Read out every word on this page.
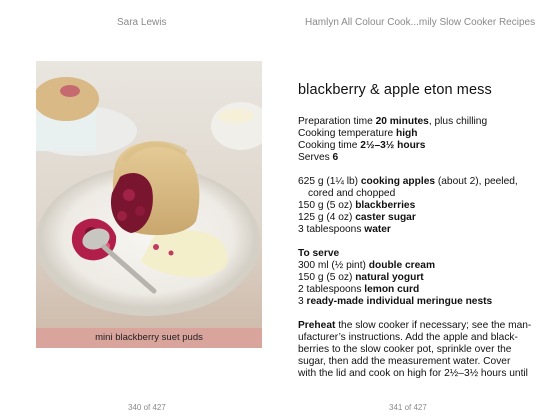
Sara Lewis	Hamlyn All Colour Cook...mily Slow Cooker Recipes
mini blackberry suet puds
blackberry & apple eton mess
Preparation time 20 minutes, plus chilling
Cooking temperature high
Cooking time 2½–3½ hours
Serves 6
625 g (1¼ lb) cooking apples (about 2), peeled,
cored and chopped
150 g (5 oz) blackberries
125 g (4 oz) caster sugar
3 tablespoons water
To serve
300 ml (½ pint) double cream
150 g (5 oz) natural yogurt
2 tablespoons lemon curd
3 ready-made individual meringue nests
Preheat the slow cooker if necessary; see the man-
ufacturer’s instructions. Add the apple and black-
berries to the slow cooker pot, sprinkle over the
sugar, then add the measurement water. Cover
with the lid and cook on high for 2½–3½ hours until
340 of 427	341 of 427
